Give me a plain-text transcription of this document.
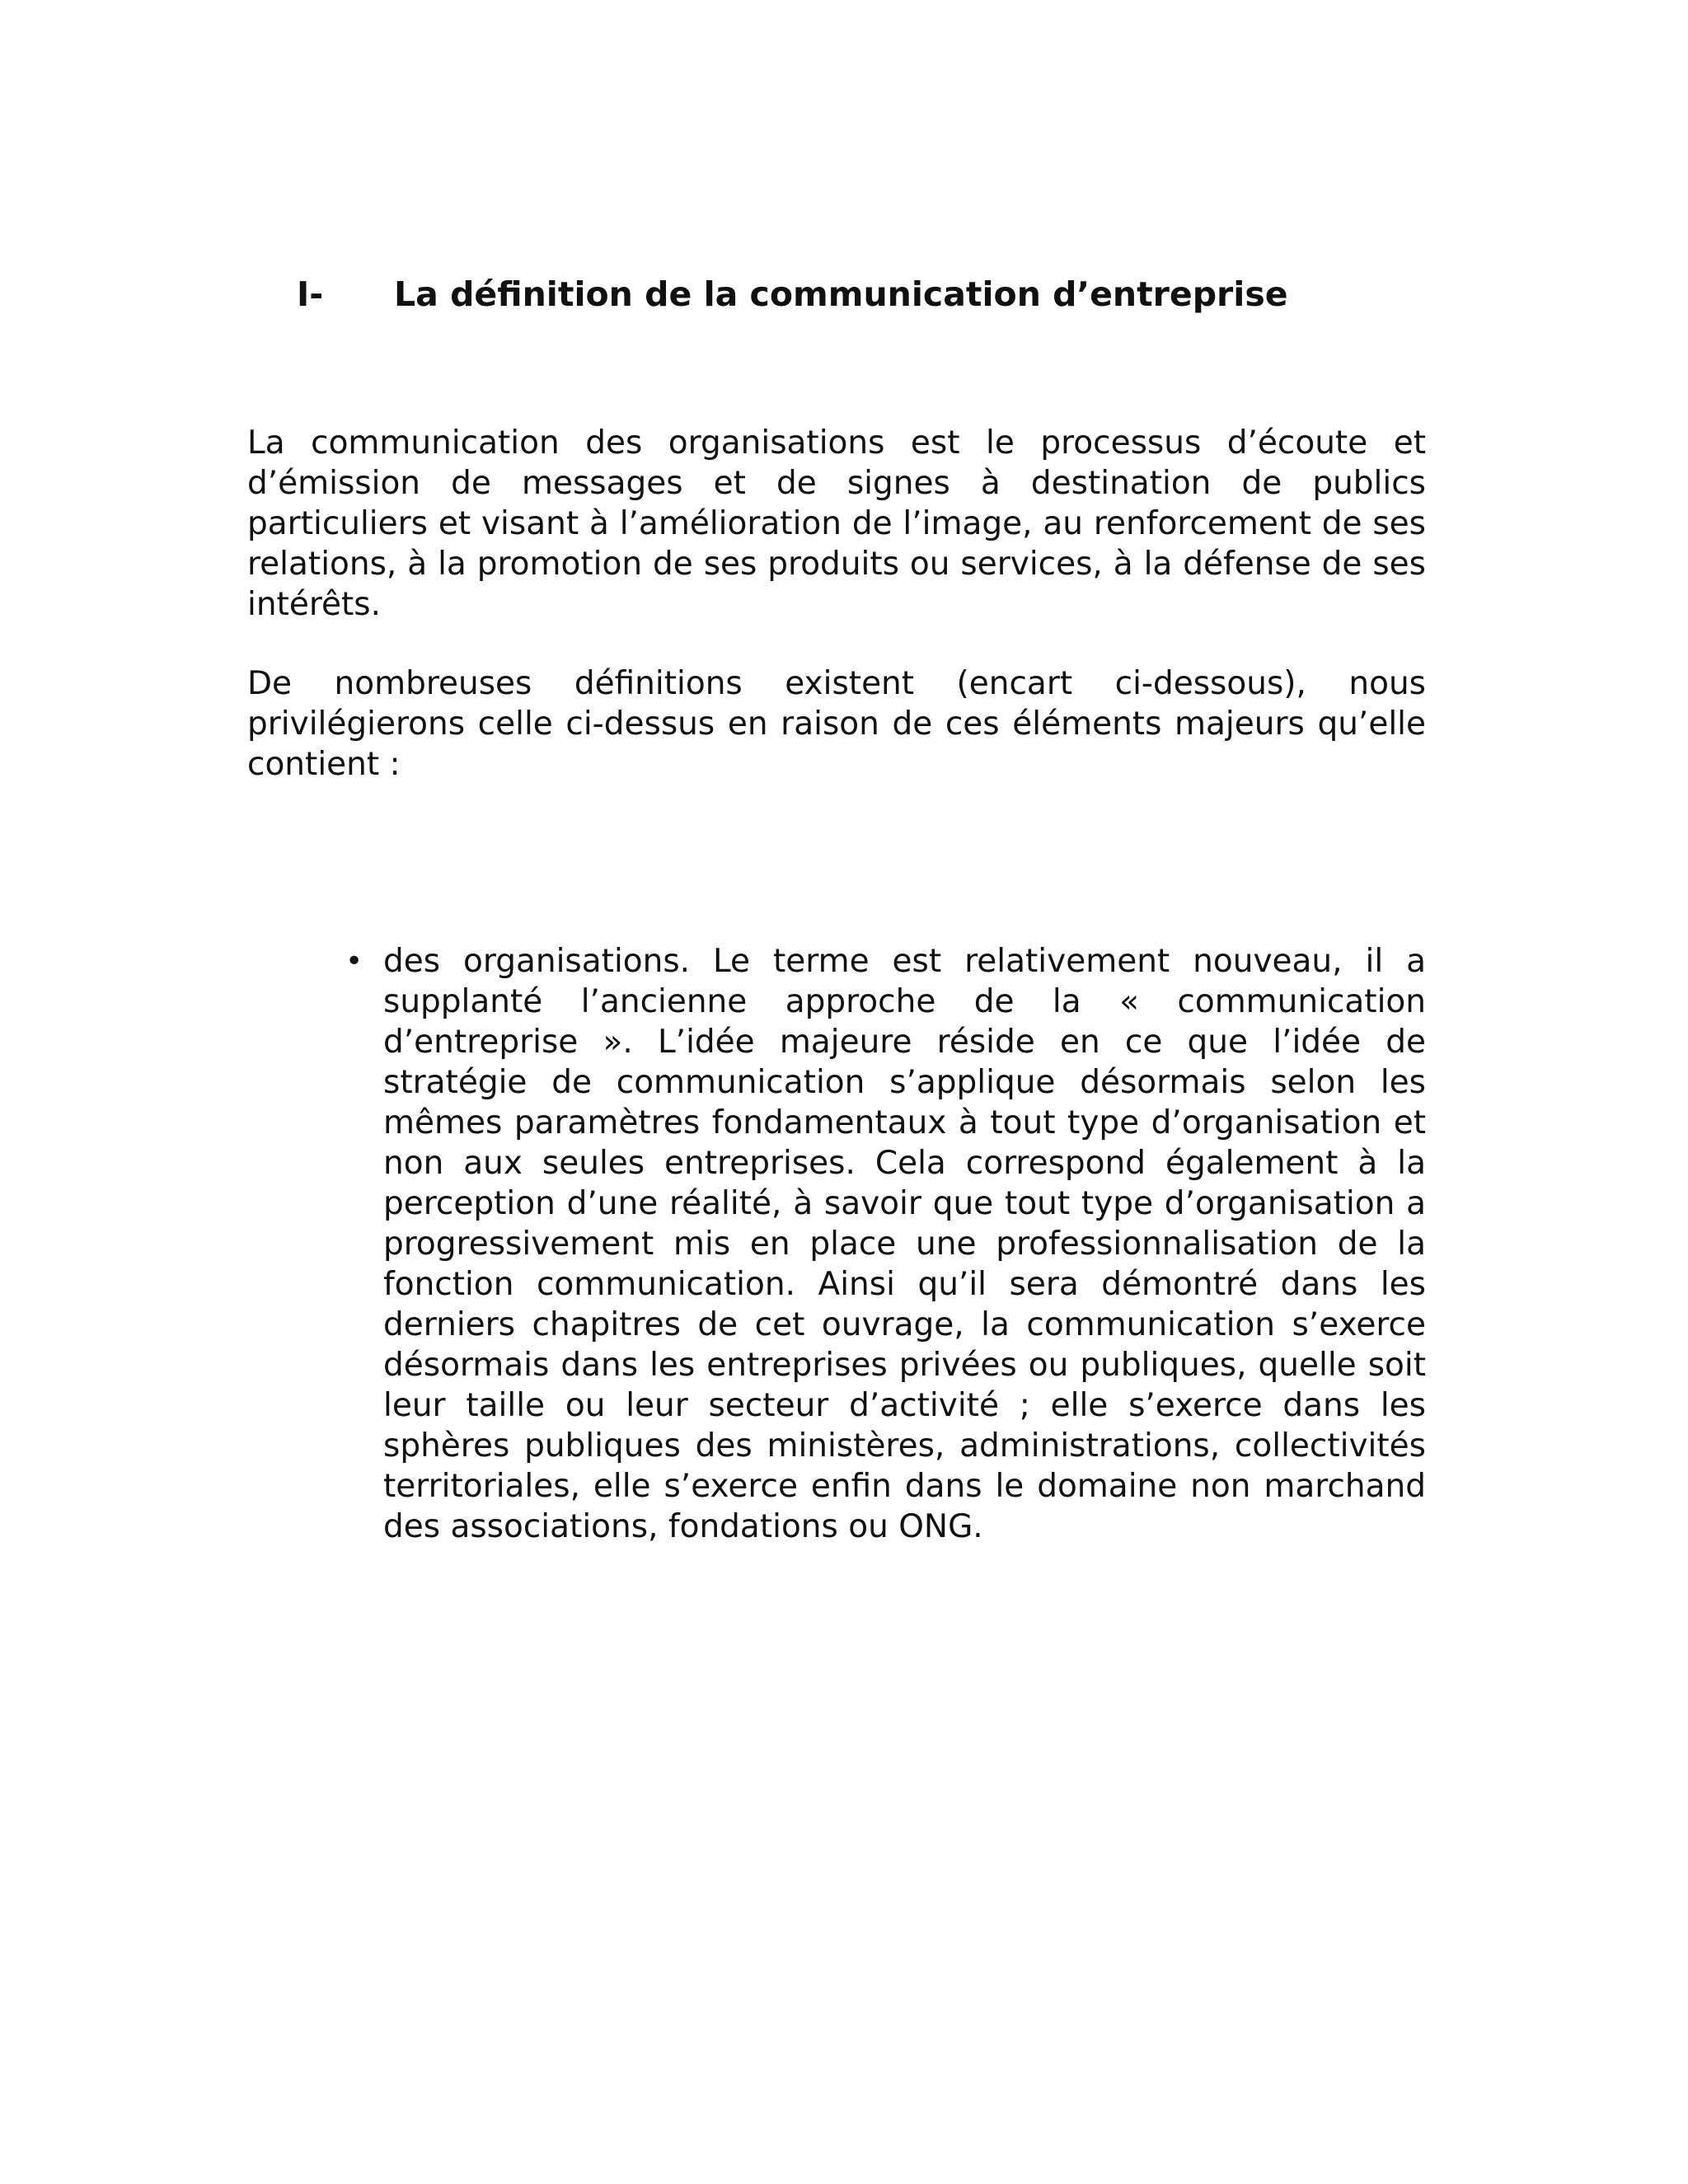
I-	La définition de la communication d’entreprise

La communication des organisations est le processus d’écoute et d’émission de messages et de signes à destination de publics particuliers et visant à l’amélioration de l’image, au renforcement de ses relations, à la promotion de ses produits ou services, à la défense de ses intérêts.

De nombreuses définitions existent (encart ci-dessous), nous privilégierons celle ci-dessus en raison de ces éléments majeurs qu’elle contient :

• des organisations. Le terme est relativement nouveau, il a supplanté l’ancienne approche de la « communication d’entreprise ». L’idée majeure réside en ce que l’idée de stratégie de communication s’applique désormais selon les mêmes paramètres fondamentaux à tout type d’organisation et non aux seules entreprises. Cela correspond également à la perception d’une réalité, à savoir que tout type d’organisation a progressivement mis en place une professionnalisation de la fonction communication. Ainsi qu’il sera démontré dans les derniers chapitres de cet ouvrage, la communication s’exerce désormais dans les entreprises privées ou publiques, quelle soit leur taille ou leur secteur d’activité ; elle s’exerce dans les sphères publiques des ministères, administrations, collectivités territoriales, elle s’exerce enfin dans le domaine non marchand des associations, fondations ou ONG.
